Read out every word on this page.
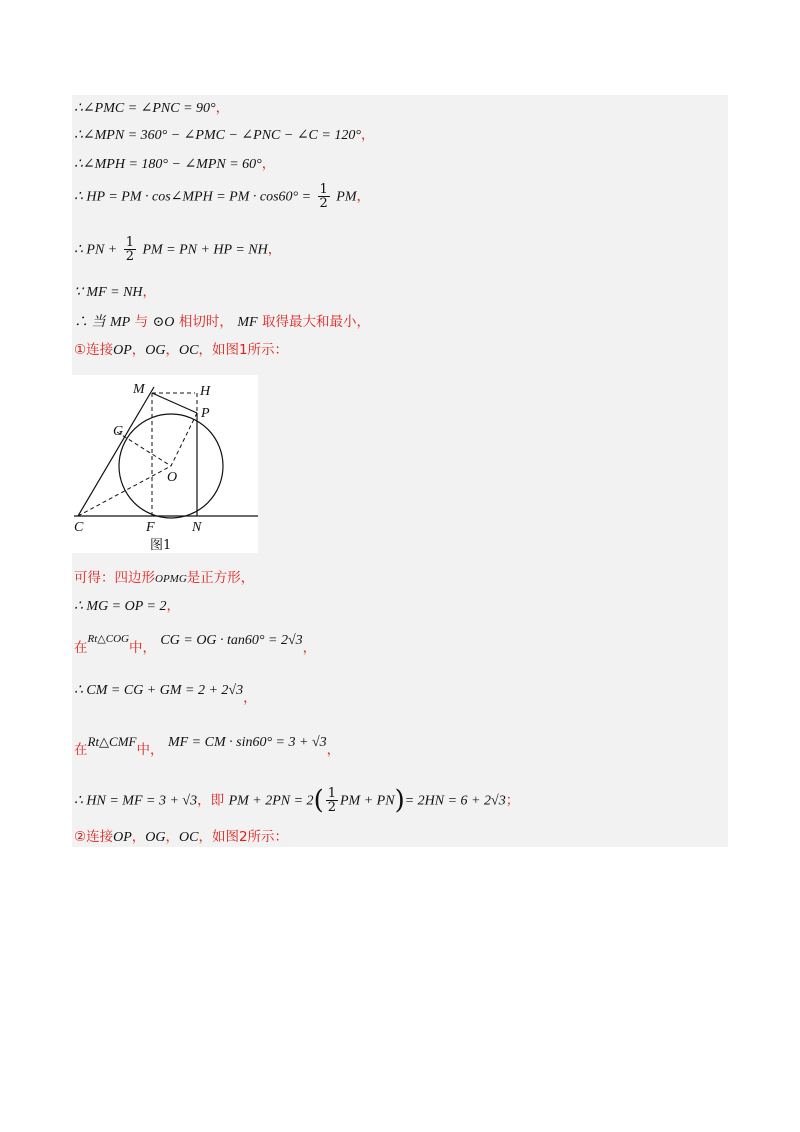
∴∠PMC = ∠PNC = 90°，
∴∠MPN = 360° − ∠PMC − ∠PNC − ∠C = 120°，
∴∠MPH = 180° − ∠MPN = 60°，
∴ HP = PM · cos∠MPH = PM · $\cos 60^\circ = \frac{1}{2}$ PM，
∴ PN + $\frac{1}{2}$ PM = PN + HP = NH，
∵ MF = NH，
∴ 当 MP 与 ⊙O 相切时， MF 取得最大和最小，
①连接OP，OG，OC，如图1所示：
M	H
P
G
O
C	F	N
图1
可得：四边形OPMG是正方形，
∴ MG = OP = 2，
在Rt△COG中， CG = OG · tan60° = 2√3，
∴ CM = CG + GM = 2 + 2√3，
在Rt△CMF中， MF = CM · sin60° = 3 + √3，
∴ HN = MF = 3 + √3，即 PM + $2PN = 2( \frac{1}{2}$ PM + PN)= 2HN = 6 + 2√3；
②连接OP，OG，OC，如图2所示：
